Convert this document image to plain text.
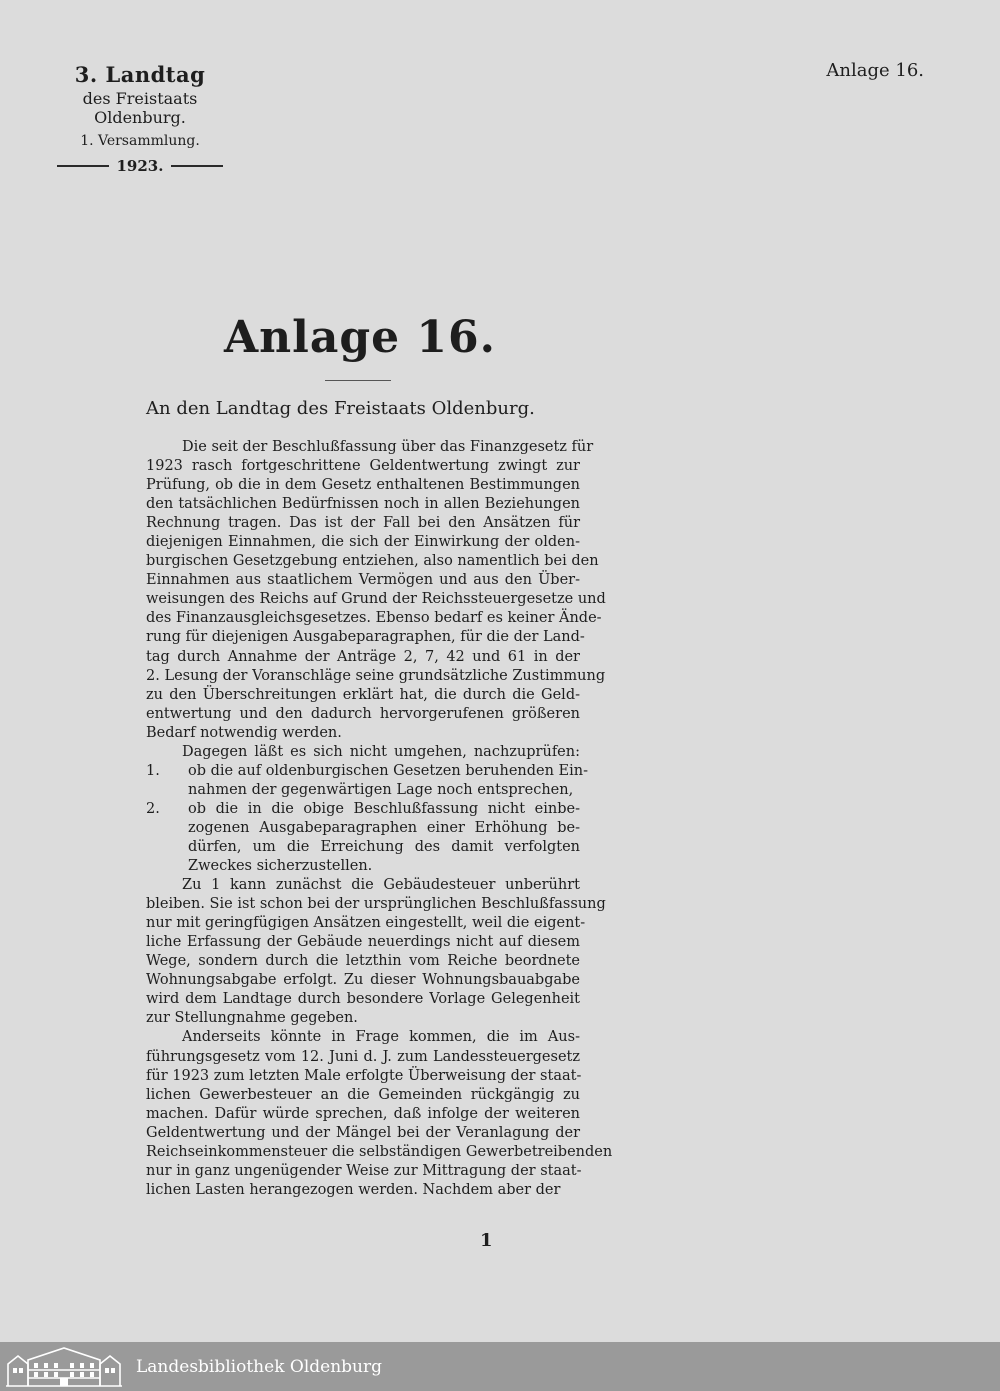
3. Landtag
des Freistaats Oldenburg.
1. Versammlung.
1923.
Anlage 16.
Anlage 16.
An den Landtag des Freistaats Oldenburg.
Die seit der Beschlußfassung über das Finanzgesetz für
1923 rasch fortgeschrittene Geldentwertung zwingt zur
Prüfung, ob die in dem Gesetz enthaltenen Bestimmungen
den tatsächlichen Bedürfnissen noch in allen Beziehungen
Rechnung tragen. Das ist der Fall bei den Ansätzen für
diejenigen Einnahmen, die sich der Einwirkung der olden-
burgischen Gesetzgebung entziehen, also namentlich bei den
Einnahmen aus staatlichem Vermögen und aus den Über-
weisungen des Reichs auf Grund der Reichssteuergesetze und
des Finanzausgleichsgesetzes. Ebenso bedarf es keiner Ände-
rung für diejenigen Ausgabeparagraphen, für die der Land-
tag durch Annahme der Anträge 2, 7, 42 und 61 in der
2. Lesung der Voranschläge seine grundsätzliche Zustimmung
zu den Überschreitungen erklärt hat, die durch die Geld-
entwertung und den dadurch hervorgerufenen größeren
Bedarf notwendig werden.
Dagegen läßt es sich nicht umgehen, nachzuprüfen:
1.	ob die auf oldenburgischen Gesetzen beruhenden Ein-
nahmen der gegenwärtigen Lage noch entsprechen,
2.	ob die in die obige Beschlußfassung nicht einbe-
zogenen Ausgabeparagraphen einer Erhöhung be-
dürfen, um die Erreichung des damit verfolgten
Zweckes sicherzustellen.
Zu 1 kann zunächst die Gebäudesteuer unberührt
bleiben. Sie ist schon bei der ursprünglichen Beschlußfassung
nur mit geringfügigen Ansätzen eingestellt, weil die eigent-
liche Erfassung der Gebäude neuerdings nicht auf diesem
Wege, sondern durch die letzthin vom Reiche beordnete
Wohnungsabgabe erfolgt. Zu dieser Wohnungsbauabgabe
wird dem Landtage durch besondere Vorlage Gelegenheit
zur Stellungnahme gegeben.
Anderseits könnte in Frage kommen, die im Aus-
führungsgesetz vom 12. Juni d. J. zum Landessteuergesetz
für 1923 zum letzten Male erfolgte Überweisung der staat-
lichen Gewerbesteuer an die Gemeinden rückgängig zu
machen. Dafür würde sprechen, daß infolge der weiteren
Geldentwertung und der Mängel bei der Veranlagung der
Reichseinkommensteuer die selbständigen Gewerbetreibenden
nur in ganz ungenügender Weise zur Mittragung der staat-
lichen Lasten herangezogen werden. Nachdem aber der
1
Landesbibliothek Oldenburg
